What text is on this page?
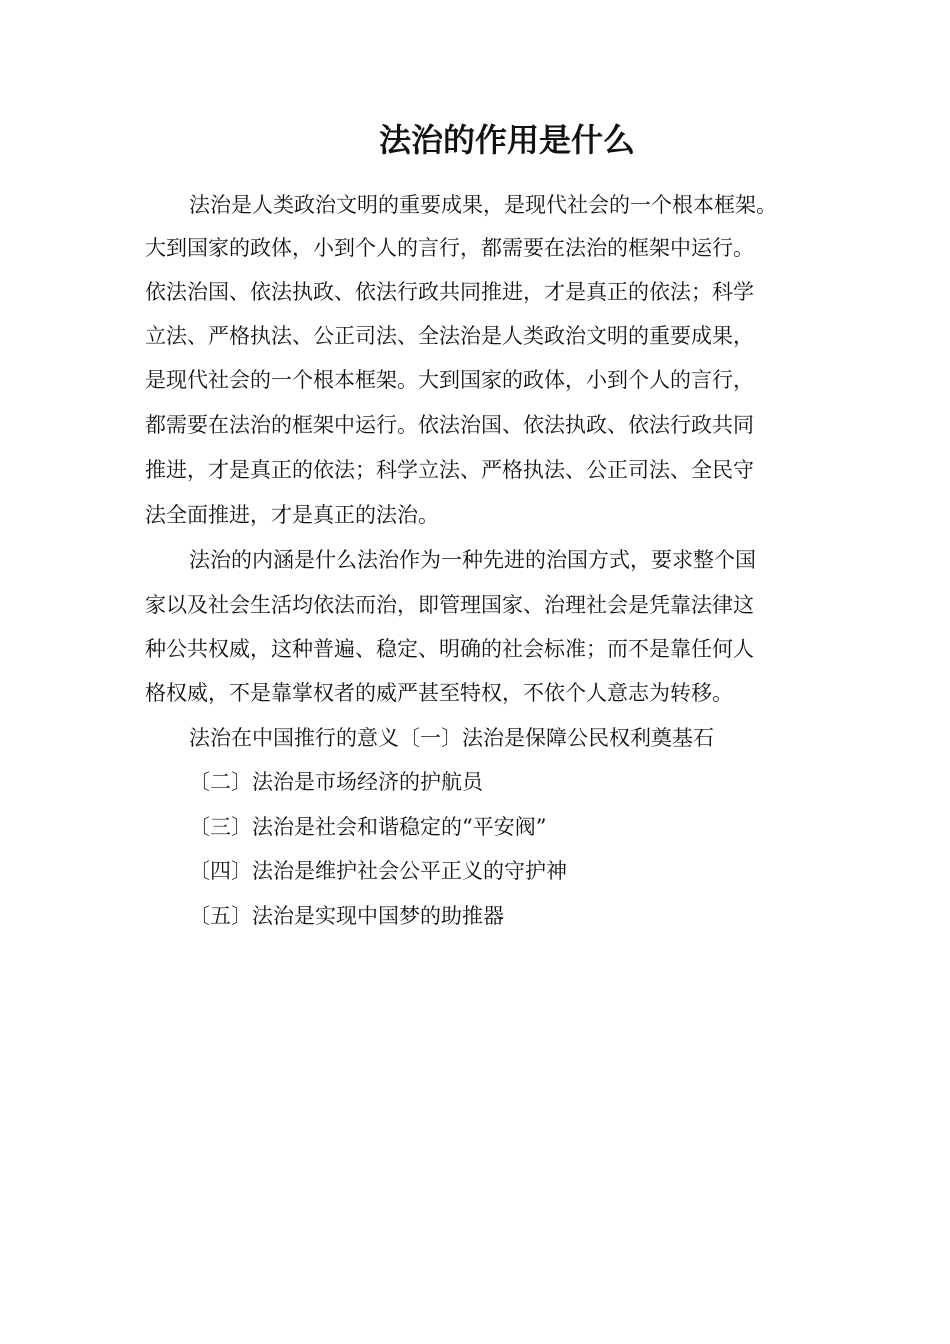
法治的作用是什么

法治是人类政治文明的重要成果，是现代社会的一个根本框架。

大到国家的政体，小到个人的言行，都需要在法治的框架中运行。

依法治国、依法执政、依法行政共同推进，才是真正的依法；科学

立法、严格执法、公正司法、全法治是人类政治文明的重要成果，

是现代社会的一个根本框架。大到国家的政体，小到个人的言行，

都需要在法治的框架中运行。依法治国、依法执政、依法行政共同

推进，才是真正的依法；科学立法、严格执法、公正司法、全民守

法全面推进，才是真正的法治。

法治的内涵是什么法治作为一种先进的治国方式，要求整个国

家以及社会生活均依法而治，即管理国家、治理社会是凭靠法律这

种公共权威，这种普遍、稳定、明确的社会标准；而不是靠任何人

格权威，不是靠掌权者的威严甚至特权，不依个人意志为转移。

法治在中国推行的意义〔一〕法治是保障公民权利奠基石

〔二〕法治是市场经济的护航员

〔三〕法治是社会和谐稳定的“平安阀”

〔四〕法治是维护社会公平正义的守护神

〔五〕法治是实现中国梦的助推器
